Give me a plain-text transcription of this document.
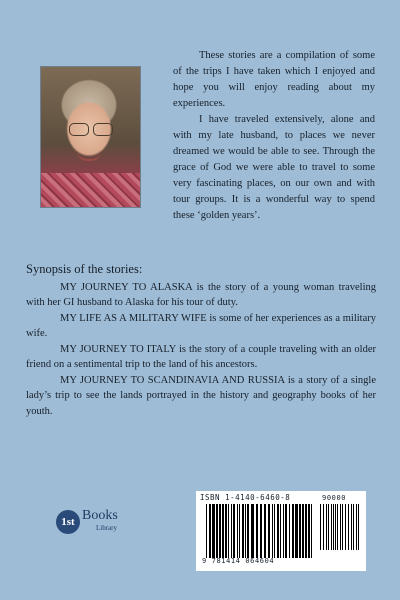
These stories are a compilation of some of the trips I have taken which I enjoyed and hope you will enjoy reading about my experiences.

I have traveled extensively, alone and with my late husband, to places we never dreamed we would be able to see. Through the grace of God we were able to travel to some very fascinating places, on our own and with tour groups. It is a wonderful way to spend these ‘golden years’.

Synopsis of the stories:

MY JOURNEY TO ALASKA is the story of a young woman traveling with her GI husband to Alaska for his tour of duty.

MY LIFE AS A MILITARY WIFE is some of her experiences as a military wife.

MY JOURNEY TO ITALY is the story of a couple traveling with an older friend on a sentimental trip to the land of his ancestors.

MY JOURNEY TO SCANDINAVIA AND RUSSIA is a story of a single lady’s trip to see the lands portrayed in the history and geography books of her youth.

1st Books
Library
ISBN 1-4140-6460-8	90000
9 781414 064604
